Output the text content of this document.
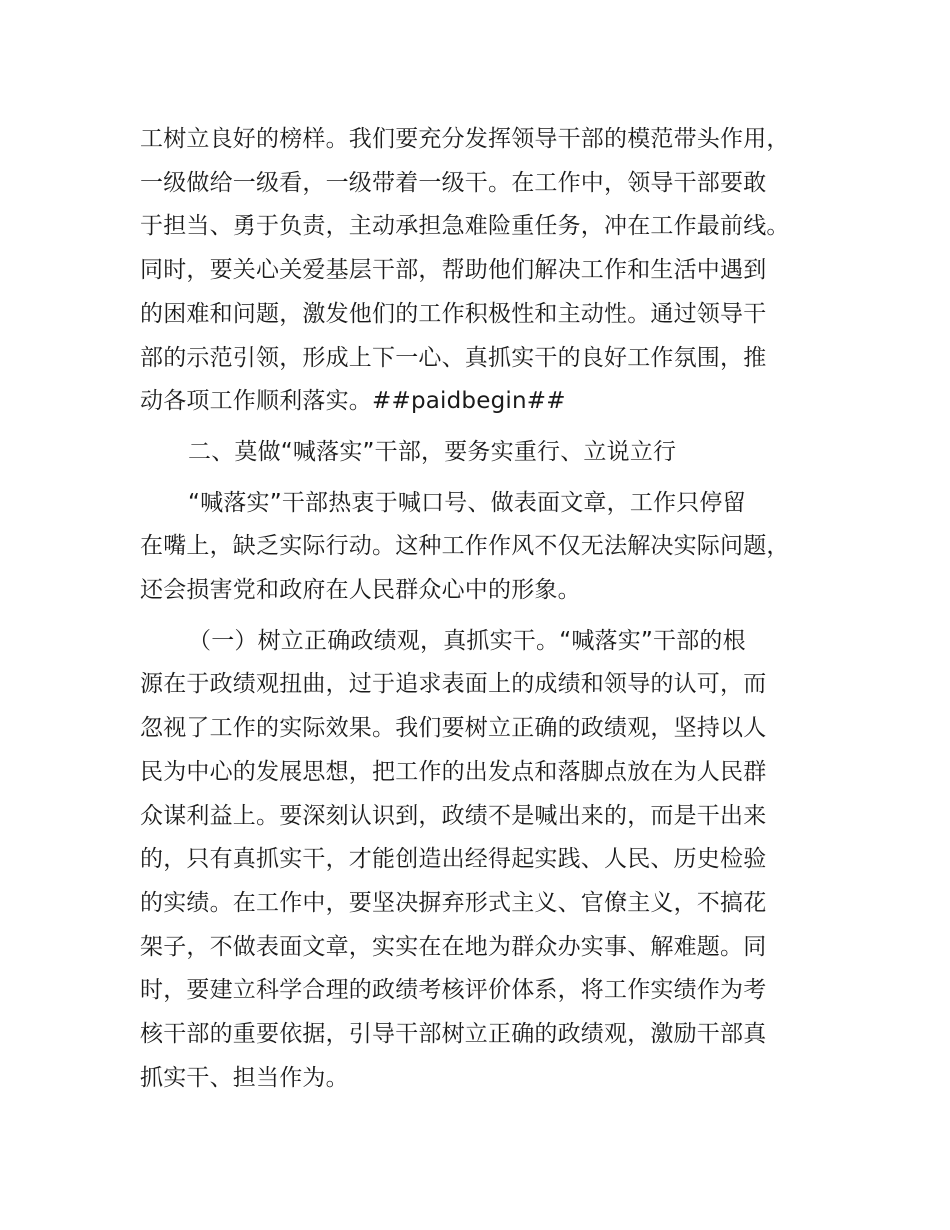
工树立良好的榜样。我们要充分发挥领导干部的模范带头作用，
一级做给一级看，一级带着一级干。在工作中，领导干部要敢
于担当、勇于负责，主动承担急难险重任务，冲在工作最前线。
同时，要关心关爱基层干部，帮助他们解决工作和生活中遇到
的困难和问题，激发他们的工作积极性和主动性。通过领导干
部的示范引领，形成上下一心、真抓实干的良好工作氛围，推
动各项工作顺利落实。##paidbegin##

二、莫做“喊落实”干部，要务实重行、立说立行

“喊落实”干部热衷于喊口号、做表面文章，工作只停留
在嘴上，缺乏实际行动。这种工作作风不仅无法解决实际问题，
还会损害党和政府在人民群众心中的形象。

（一）树立正确政绩观，真抓实干。“喊落实”干部的根
源在于政绩观扭曲，过于追求表面上的成绩和领导的认可，而
忽视了工作的实际效果。我们要树立正确的政绩观，坚持以人
民为中心的发展思想，把工作的出发点和落脚点放在为人民群
众谋利益上。要深刻认识到，政绩不是喊出来的，而是干出来
的，只有真抓实干，才能创造出经得起实践、人民、历史检验
的实绩。在工作中，要坚决摒弃形式主义、官僚主义，不搞花
架子，不做表面文章，实实在在地为群众办实事、解难题。同
时，要建立科学合理的政绩考核评价体系，将工作实绩作为考
核干部的重要依据，引导干部树立正确的政绩观，激励干部真
抓实干、担当作为。
